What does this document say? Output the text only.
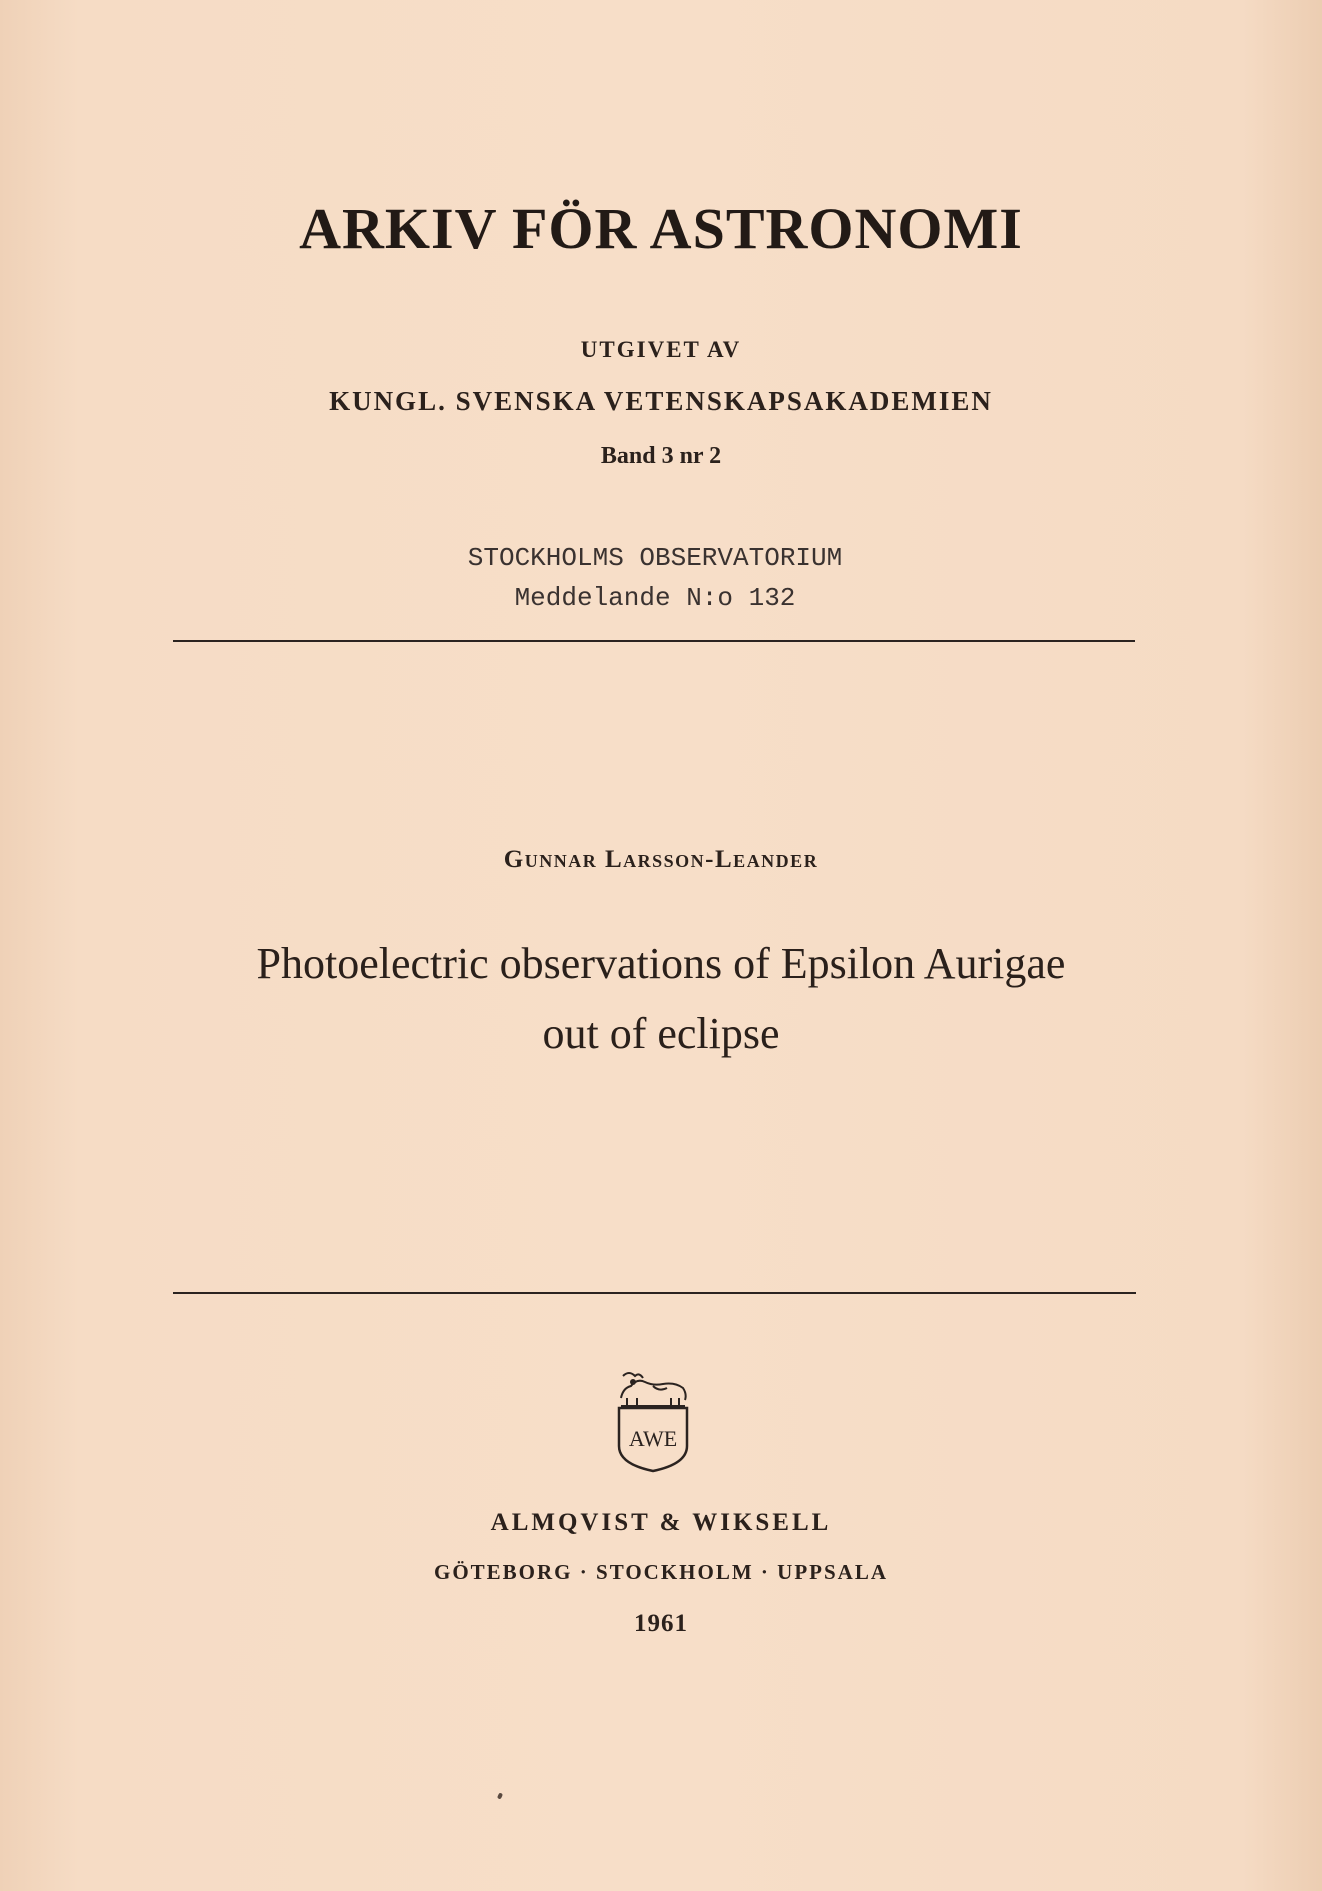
ARKIV FÖR ASTRONOMI
UTGIVET AV
KUNGL. SVENSKA VETENSKAPSAKADEMIEN
Band 3 nr 2
STOCKHOLMS OBSERVATORIUM
Meddelande N:o 132
Gunnar Larsson-Leander
Photoelectric observations of Epsilon Aurigae
out of eclipse
AWE
ALMQVIST & WIKSELL
GÖTEBORG · STOCKHOLM · UPPSALA
1961
